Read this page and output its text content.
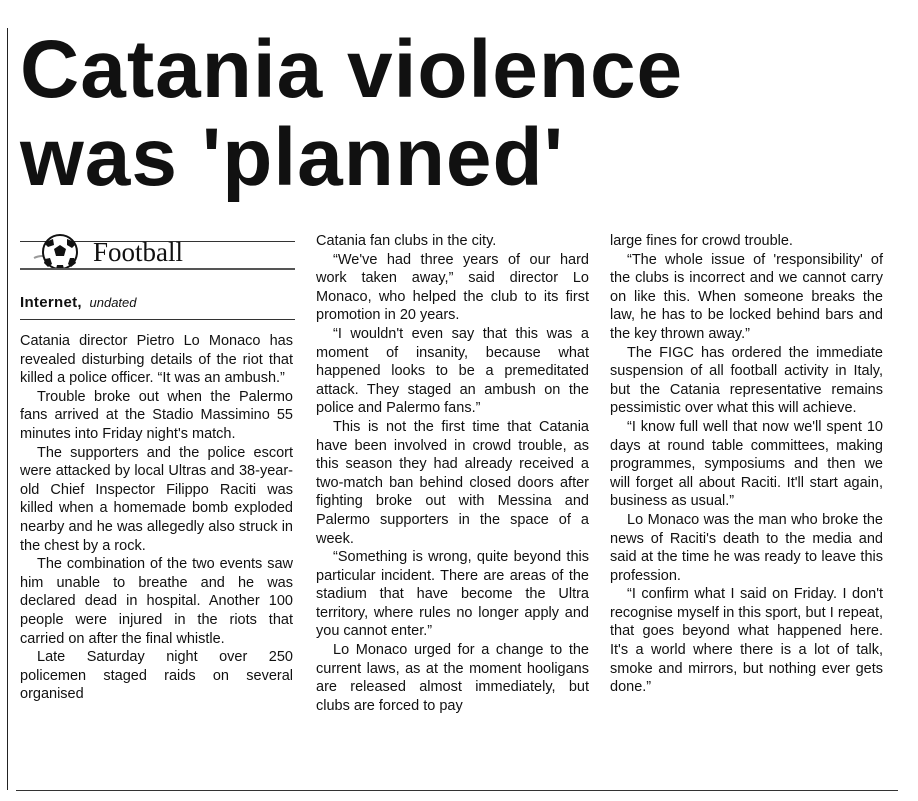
Catania violence
was 'planned'
Football
Internet, undated

Catania director Pietro Lo Monaco has revealed disturbing details of the riot that killed a police officer. “It was an ambush.”

Trouble broke out when the Palermo fans arrived at the Stadio Massimino 55 minutes into Friday night's match.

The supporters and the police escort were attacked by local Ultras and 38-year-old Chief Inspector Filippo Raciti was killed when a homemade bomb exploded nearby and he was allegedly also struck in the chest by a rock.

The combination of the two events saw him unable to breathe and he was declared dead in hospital. Another 100 people were injured in the riots that carried on after the final whistle.

Late Saturday night over 250 policemen staged raids on several organised

Catania fan clubs in the city.

“We've had three years of our hard work taken away,” said director Lo Monaco, who helped the club to its first promotion in 20 years.

“I wouldn't even say that this was a moment of insanity, because what happened looks to be a premeditated attack. They staged an ambush on the police and Palermo fans.”

This is not the first time that Catania have been involved in crowd trouble, as this season they had already received a two-match ban behind closed doors after fighting broke out with Messina and Palermo supporters in the space of a week.

“Something is wrong, quite beyond this particular incident. There are areas of the stadium that have become the Ultra territory, where rules no longer apply and you cannot enter.”

Lo Monaco urged for a change to the current laws, as at the moment hooligans are released almost immediately, but clubs are forced to pay

large fines for crowd trouble.

“The whole issue of 'responsibility' of the clubs is incorrect and we cannot carry on like this. When someone breaks the law, he has to be locked behind bars and the key thrown away.”

The FIGC has ordered the immediate suspension of all football activity in Italy, but the Catania representative remains pessimistic over what this will achieve.

“I know full well that now we'll spent 10 days at round table committees, making programmes, symposiums and then we will forget all about Raciti. It'll start again, business as usual.”

Lo Monaco was the man who broke the news of Raciti's death to the media and said at the time he was ready to leave this profession.

“I confirm what I said on Friday. I don't recognise myself in this sport, but I repeat, that goes beyond what happened here. It's a world where there is a lot of talk, smoke and mirrors, but nothing ever gets done.”
